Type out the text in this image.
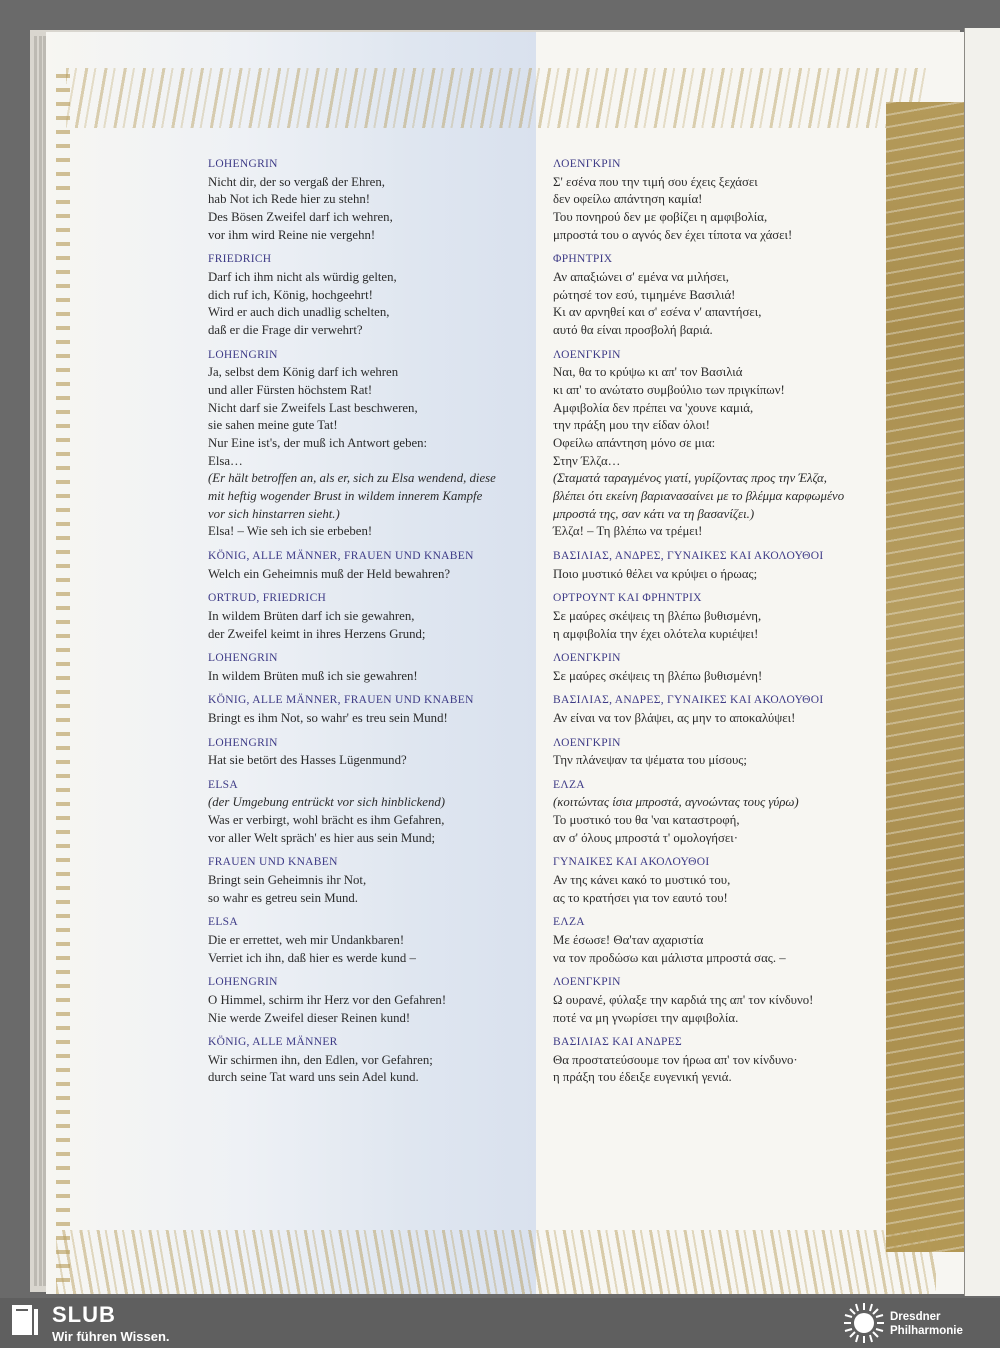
LOHENGRIN
Nicht dir, der so vergaß der Ehren,
hab Not ich Rede hier zu stehn!
Des Bösen Zweifel darf ich wehren,
vor ihm wird Reine nie vergehn!
FRIEDRICH
Darf ich ihm nicht als würdig gelten,
dich ruf ich, König, hochgeehrt!
Wird er auch dich unadlig schelten,
daß er die Frage dir verwehrt?
LOHENGRIN
Ja, selbst dem König darf ich wehren
und aller Fürsten höchstem Rat!
Nicht darf sie Zweifels Last beschweren,
sie sahen meine gute Tat!
Nur Eine ist's, der muß ich Antwort geben:
Elsa…
(Er hält betroffen an, als er, sich zu Elsa wendend, diese
mit heftig wogender Brust in wildem innerem Kampfe
vor sich hinstarren sieht.)
Elsa! – Wie seh ich sie erbeben!
KÖNIG, ALLE MÄNNER, FRAUEN UND KNABEN
Welch ein Geheimnis muß der Held bewahren?
ORTRUD, FRIEDRICH
In wildem Brüten darf ich sie gewahren,
der Zweifel keimt in ihres Herzens Grund;
LOHENGRIN
In wildem Brüten muß ich sie gewahren!
KÖNIG, ALLE MÄNNER, FRAUEN UND KNABEN
Bringt es ihm Not, so wahr' es treu sein Mund!
LOHENGRIN
Hat sie betört des Hasses Lügenmund?
ELSA
(der Umgebung entrückt vor sich hinblickend)
Was er verbirgt, wohl brächt es ihm Gefahren,
vor aller Welt spräch' es hier aus sein Mund;
FRAUEN UND KNABEN
Bringt sein Geheimnis ihr Not,
so wahr es getreu sein Mund.
ELSA
Die er errettet, weh mir Undankbaren!
Verriet ich ihn, daß hier es werde kund –
LOHENGRIN
O Himmel, schirm ihr Herz vor den Gefahren!
Nie werde Zweifel dieser Reinen kund!
KÖNIG, ALLE MÄNNER
Wir schirmen ihn, den Edlen, vor Gefahren;
durch seine Tat ward uns sein Adel kund.
ΛΟΕΝΓΚΡΙΝ
Σ' εσένα που την τιμή σου έχεις ξεχάσει
δεν οφείλω απάντηση καμία!
Του πονηρού δεν με φοβίζει η αμφιβολία,
μπροστά του ο αγνός δεν έχει τίποτα να χάσει!
ΦΡΗΝΤΡΙΧ
Αν απαξιώνει σ' εμένα να μιλήσει,
ρώτησέ τον εσύ, τιμημένε Βασιλιά!
Κι αν αρνηθεί και σ' εσένα ν' απαντήσει,
αυτό θα είναι προσβολή βαριά.
ΛΟΕΝΓΚΡΙΝ
Ναι, θα το κρύψω κι απ' τον Βασιλιά
κι απ' το ανώτατο συμβούλιο των πριγκίπων!
Αμφιβολία δεν πρέπει να 'χουνε καμιά,
την πράξη μου την είδαν όλοι!
Οφείλω απάντηση μόνο σε μια:
Στην Έλζα…
(Σταματά ταραγμένος γιατί, γυρίζοντας προς την Έλζα,
βλέπει ότι εκείνη βαριανασαίνει με το βλέμμα καρφωμένο
μπροστά της, σαν κάτι να τη βασανίζει.)
Έλζα! – Τη βλέπω να τρέμει!
ΒΑΣΙΛΙΑΣ, ΑΝΔΡΕΣ, ΓΥΝΑΙΚΕΣ ΚΑΙ ΑΚΟΛΟΥΘΟΙ
Ποιο μυστικό θέλει να κρύψει ο ήρωας;
ΟΡΤΡΟΥΝΤ ΚΑΙ ΦΡΗΝΤΡΙΧ
Σε μαύρες σκέψεις τη βλέπω βυθισμένη,
η αμφιβολία την έχει ολότελα κυριέψει!
ΛΟΕΝΓΚΡΙΝ
Σε μαύρες σκέψεις τη βλέπω βυθισμένη!
ΒΑΣΙΛΙΑΣ, ΑΝΔΡΕΣ, ΓΥΝΑΙΚΕΣ ΚΑΙ ΑΚΟΛΟΥΘΟΙ
Αν είναι να τον βλάψει, ας μην το αποκαλύψει!
ΛΟΕΝΓΚΡΙΝ
Την πλάνεψαν τα ψέματα του μίσους;
ΕΛΖΑ
(κοιτώντας ίσια μπροστά, αγνοώντας τους γύρω)
Το μυστικό του θα 'ναι καταστροφή,
αν σ' όλους μπροστά τ' ομολογήσει·
ΓΥΝΑΙΚΕΣ ΚΑΙ ΑΚΟΛΟΥΘΟΙ
Αν της κάνει κακό το μυστικό του,
ας το κρατήσει για τον εαυτό του!
ΕΛΖΑ
Με έσωσε! Θα'ταν αχαριστία
να τον προδώσω και μάλιστα μπροστά σας. –
ΛΟΕΝΓΚΡΙΝ
Ω ουρανέ, φύλαξε την καρδιά της απ' τον κίνδυνο!
ποτέ να μη γνωρίσει την αμφιβολία.
ΒΑΣΙΛΙΑΣ ΚΑΙ ΑΝΔΡΕΣ
Θα προστατεύσουμε τον ήρωα απ' τον κίνδυνο·
η πράξη του έδειξε ευγενική γενιά.
SLUB
Wir führen Wissen.
Dresdner
Philharmonie
